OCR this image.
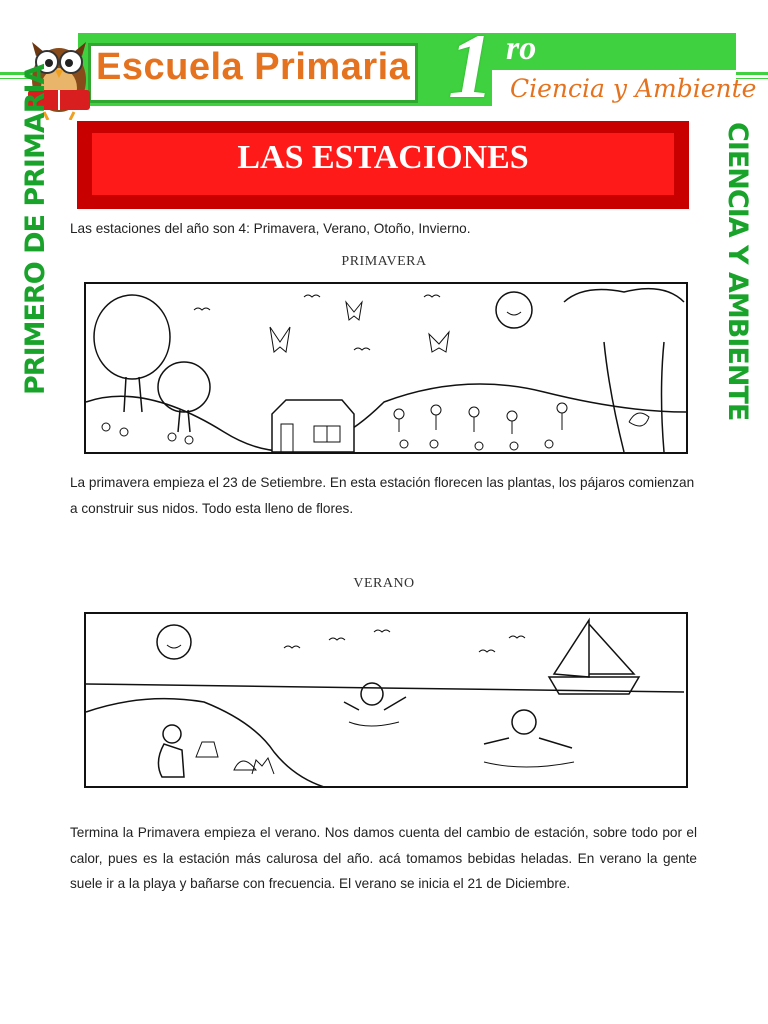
Escuela Primaria 1 ro
Ciencia y Ambiente
LAS ESTACIONES
PRIMERO DE PRIMARIA	CIENCIA Y AMBIENTE
Las estaciones del año son 4: Primavera, Verano, Otoño, Invierno.
PRIMAVERA
La primavera empieza el 23 de Setiembre. En esta estación florecen las plantas, los pájaros comienzan a construir sus nidos. Todo esta lleno de flores.
VERANO
Termina la Primavera empieza el verano. Nos damos cuenta del cambio de estación, sobre todo por el calor, pues es la estación más calurosa del año. acá tomamos bebidas heladas. En verano la gente suele ir a la playa y bañarse con frecuencia. El verano se inicia el 21 de Diciembre.
